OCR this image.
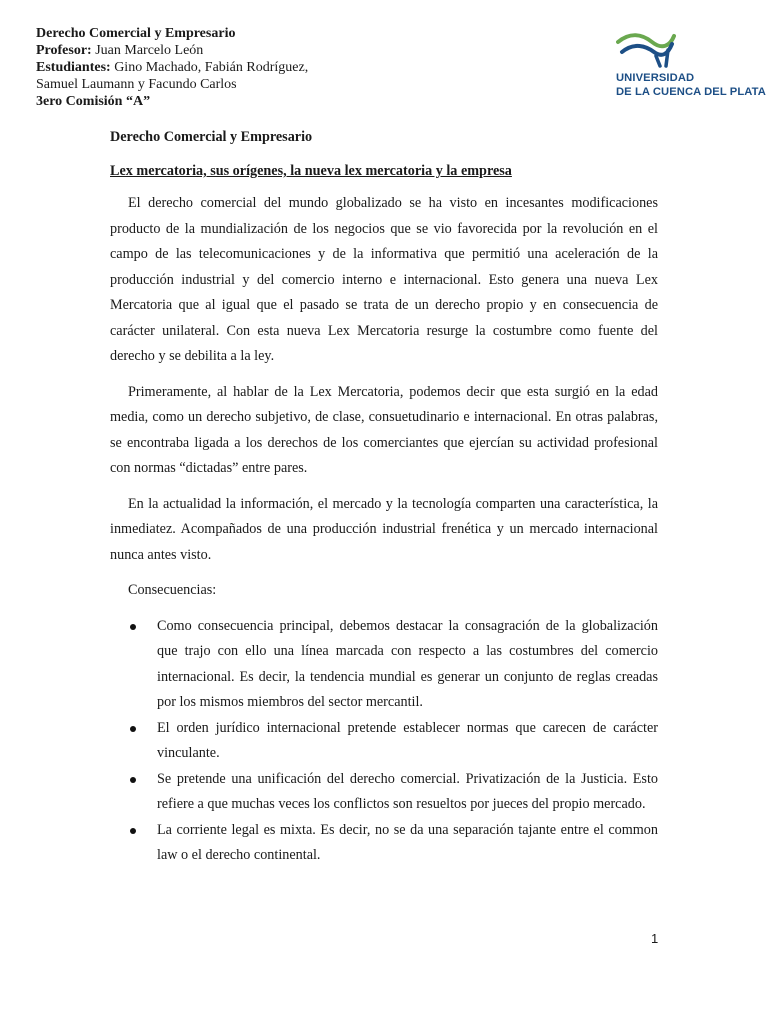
Derecho Comercial y Empresario
Profesor: Juan Marcelo León
Estudiantes: Gino Machado, Fabián Rodríguez,
Samuel Laumann y Facundo Carlos
3ero Comisión “A”
UNIVERSIDAD
DE LA CUENCA DEL PLATA

Derecho Comercial y Empresario

Lex mercatoria, sus orígenes, la nueva lex mercatoria y la empresa

El derecho comercial del mundo globalizado se ha visto en incesantes modificaciones producto de la mundialización de los negocios que se vio favorecida por la revolución en el campo de las telecomunicaciones y de la informativa que permitió una aceleración de la producción industrial y del comercio interno e internacional. Esto genera una nueva Lex Mercatoria que al igual que el pasado se trata de un derecho propio y en consecuencia de carácter unilateral. Con esta nueva Lex Mercatoria resurge la costumbre como fuente del derecho y se debilita a la ley.

Primeramente, al hablar de la Lex Mercatoria, podemos decir que esta surgió en la edad media, como un derecho subjetivo, de clase, consuetudinario e internacional. En otras palabras, se encontraba ligada a los derechos de los comerciantes que ejercían su actividad profesional con normas “dictadas” entre pares.

En la actualidad la información, el mercado y la tecnología comparten una característica, la inmediatez. Acompañados de una producción industrial frenética y un mercado internacional nunca antes visto.

Consecuencias:

Como consecuencia principal, debemos destacar la consagración de la globalización que trajo con ello una línea marcada con respecto a las costumbres del comercio internacional. Es decir, la tendencia mundial es generar un conjunto de reglas creadas por los mismos miembros del sector mercantil.
El orden jurídico internacional pretende establecer normas que carecen de carácter vinculante.
Se pretende una unificación del derecho comercial. Privatización de la Justicia. Esto refiere a que muchas veces los conflictos son resueltos por jueces del propio mercado.
La corriente legal es mixta. Es decir, no se da una separación tajante entre el common law o el derecho continental.
1
